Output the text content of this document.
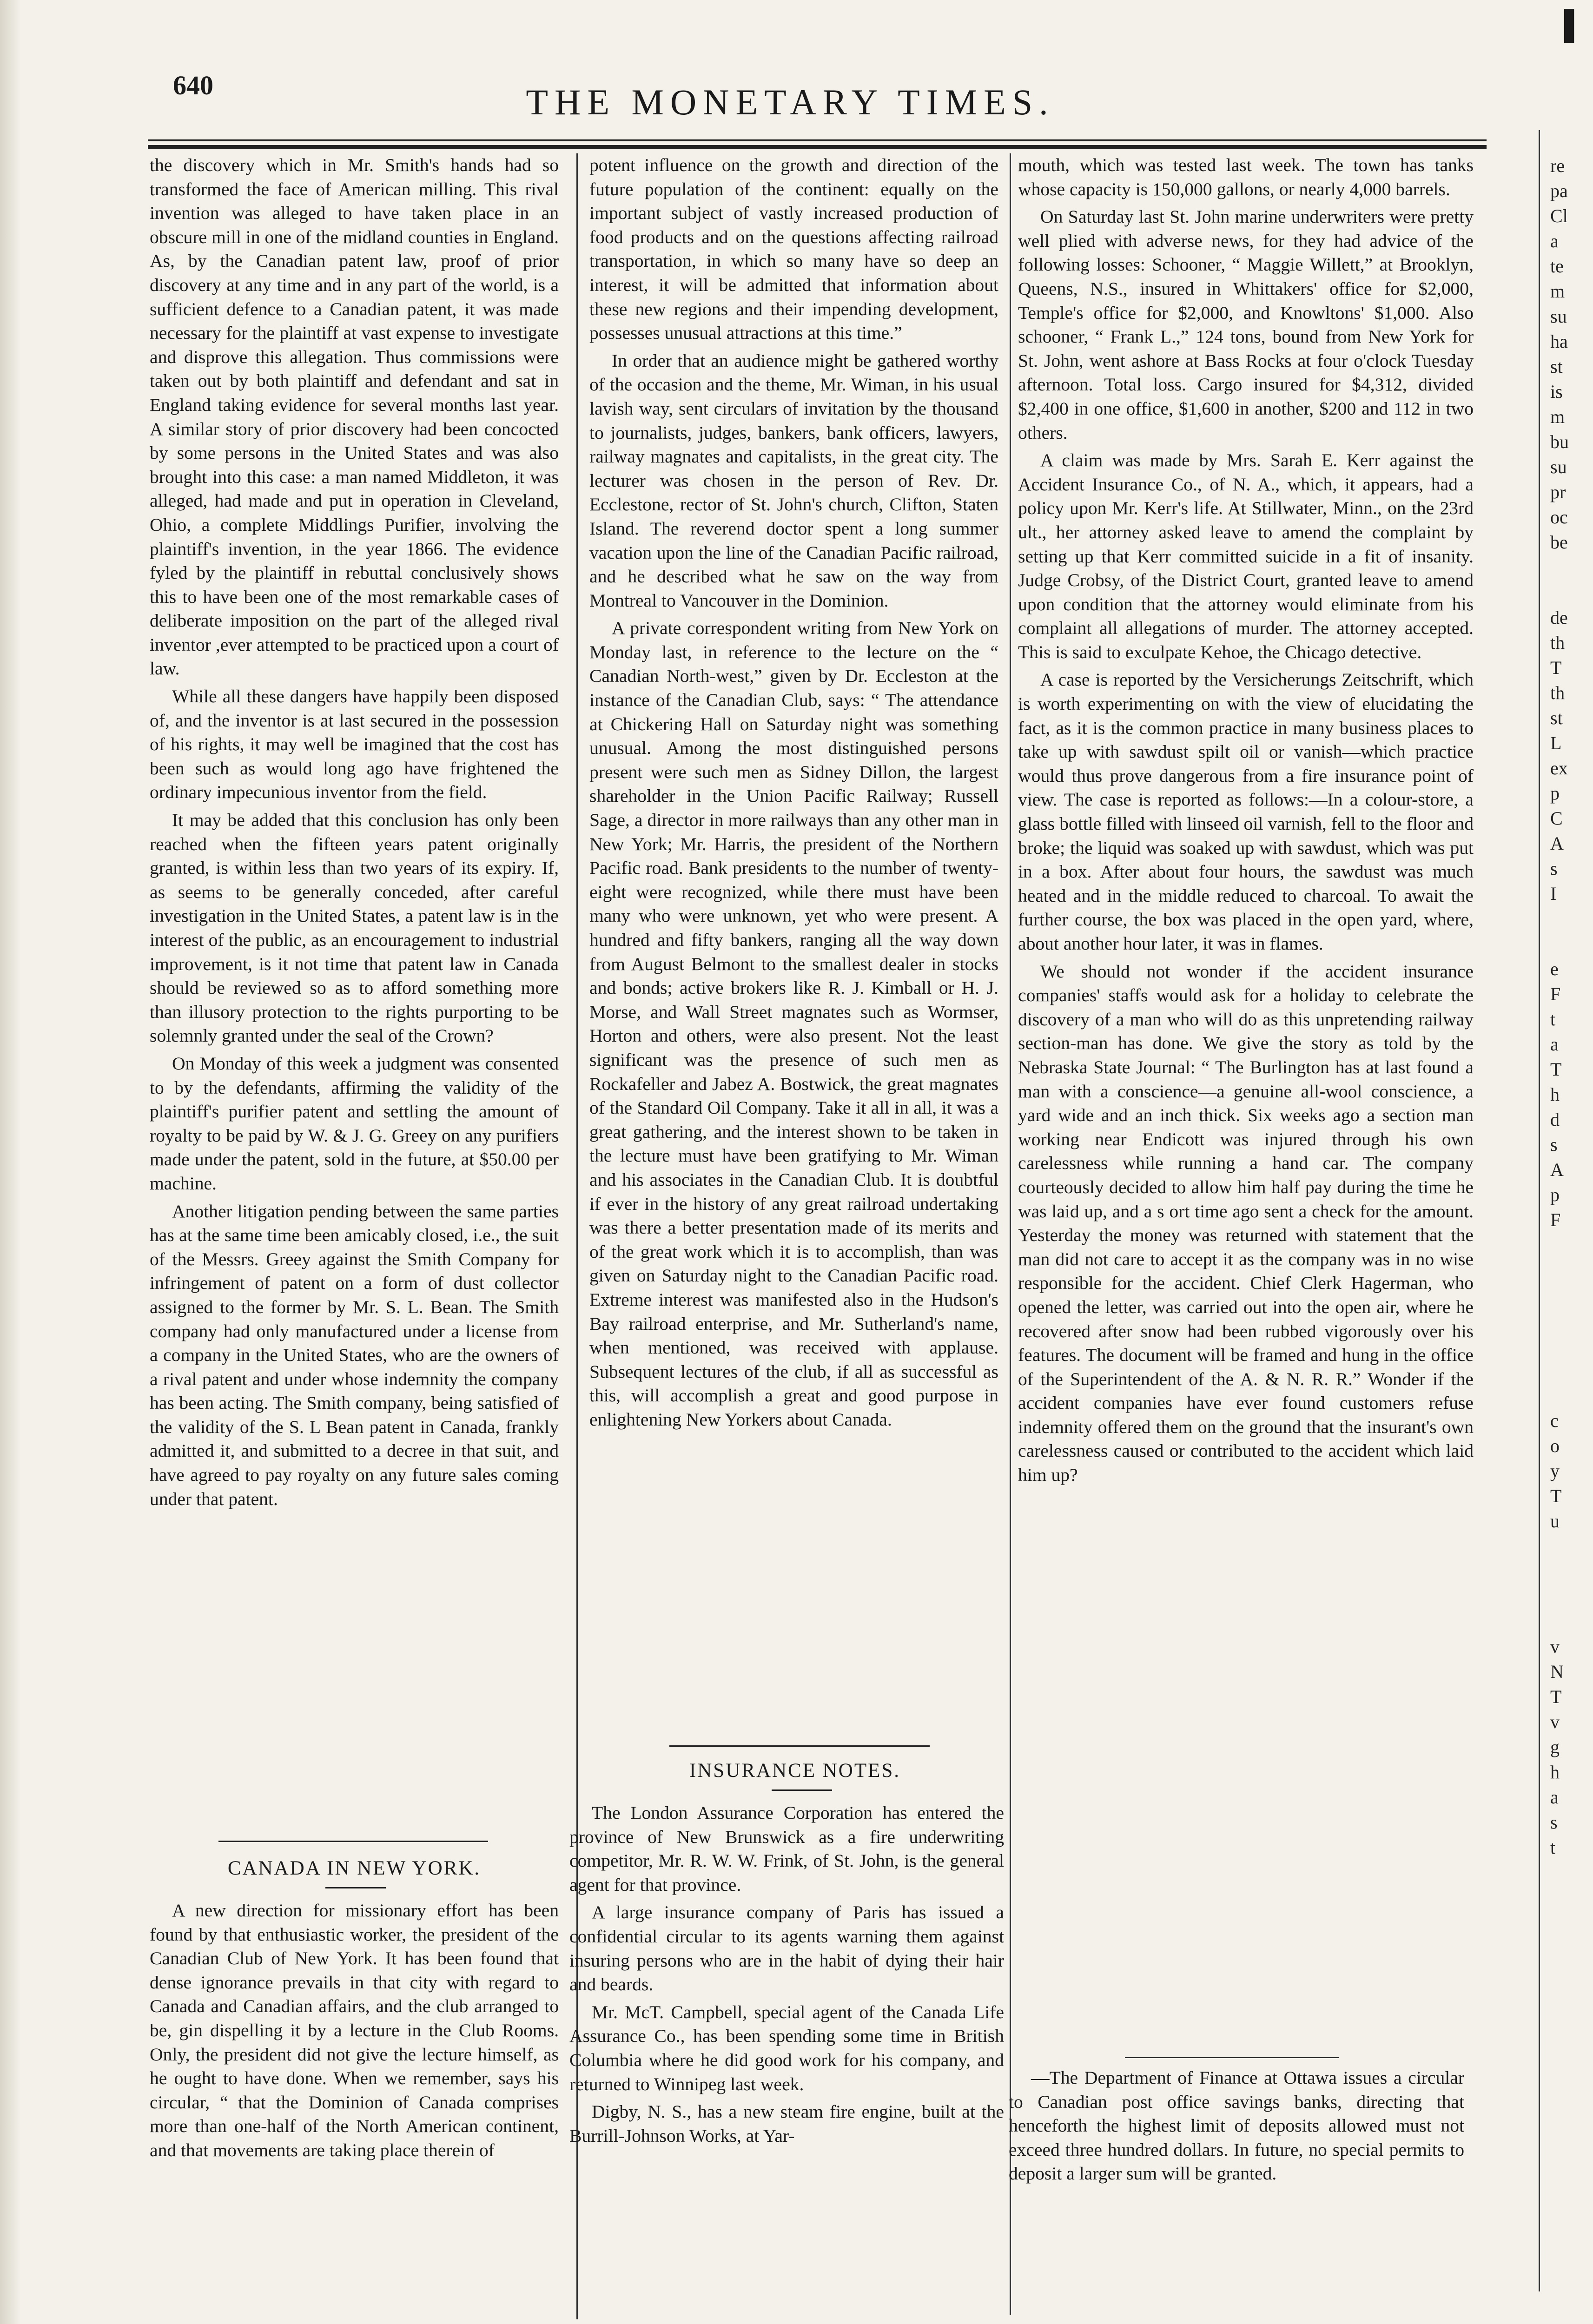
▌
640	THE MONETARY TIMES.

the discovery which in Mr. Smith's hands had so transformed the face of American milling. This rival invention was alleged to have taken place in an obscure mill in one of the midland counties in England. As, by the Canadian patent law, proof of prior discovery at any time and in any part of the world, is a sufficient defence to a Canadian patent, it was made necessary for the plaintiff at vast expense to investigate and disprove this allegation. Thus commissions were taken out by both plaintiff and defendant and sat in England taking evidence for several months last year. A similar story of prior discovery had been concocted by some persons in the United States and was also brought into this case: a man named Middleton, it was alleged, had made and put in operation in Cleveland, Ohio, a complete Middlings Purifier, involving the plaintiff's invention, in the year 1866. The evidence fyled by the plaintiff in rebuttal conclusively shows this to have been one of the most remarkable cases of deliberate imposition on the part of the alleged rival inventor ,ever attempted to be practiced upon a court of law.

While all these dangers have happily been disposed of, and the inventor is at last secured in the possession of his rights, it may well be imagined that the cost has been such as would long ago have frightened the ordinary impecunious inventor from the field.

It may be added that this conclusion has only been reached when the fifteen years patent originally granted, is within less than two years of its expiry. If, as seems to be generally conceded, after careful investigation in the United States, a patent law is in the interest of the public, as an encouragement to industrial improvement, is it not time that patent law in Canada should be reviewed so as to afford something more than illusory protection to the rights purporting to be solemnly granted under the seal of the Crown?

On Monday of this week a judgment was consented to by the defendants, affirming the validity of the plaintiff's purifier patent and settling the amount of royalty to be paid by W. & J. G. Greey on any purifiers made under the patent, sold in the future, at $50.00 per machine.

Another litigation pending between the same parties has at the same time been amicably closed, i.e., the suit of the Messrs. Greey against the Smith Company for infringement of patent on a form of dust collector assigned to the former by Mr. S. L. Bean. The Smith company had only manufactured under a license from a company in the United States, who are the owners of a rival patent and under whose indemnity the company has been acting. The Smith company, being satisfied of the validity of the S. L Bean patent in Canada, frankly admitted it, and submitted to a decree in that suit, and have agreed to pay royalty on any future sales coming under that patent.

CANADA IN NEW YORK.

A new direction for missionary effort has been found by that enthusiastic worker, the president of the Canadian Club of New York. It has been found that dense ignorance prevails in that city with regard to Canada and Canadian affairs, and the club arranged to be, gin dispelling it by a lecture in the Club Rooms. Only, the president did not give the lecture himself, as he ought to have done. When we remember, says his circular, “ that the Dominion of Canada comprises more than one-half of the North American continent, and that movements are taking place therein of

potent influence on the growth and direction of the future population of the continent: equally on the important subject of vastly increased production of food products and on the questions affecting railroad transportation, in which so many have so deep an interest, it will be admitted that information about these new regions and their impending development, possesses unusual attractions at this time.”

In order that an audience might be gathered worthy of the occasion and the theme, Mr. Wiman, in his usual lavish way, sent circulars of invitation by the thousand to journalists, judges, bankers, bank officers, lawyers, railway magnates and capitalists, in the great city. The lecturer was chosen in the person of Rev. Dr. Ecclestone, rector of St. John's church, Clifton, Staten Island. The reverend doctor spent a long summer vacation upon the line of the Canadian Pacific railroad, and he described what he saw on the way from Montreal to Vancouver in the Dominion.

A private correspondent writing from New York on Monday last, in reference to the lecture on the “ Canadian North-west,” given by Dr. Eccleston at the instance of the Canadian Club, says: “ The attendance at Chickering Hall on Saturday night was something unusual. Among the most distinguished persons present were such men as Sidney Dillon, the largest shareholder in the Union Pacific Railway; Russell Sage, a director in more railways than any other man in New York; Mr. Harris, the president of the Northern Pacific road. Bank presidents to the number of twenty-eight were recognized, while there must have been many who were unknown, yet who were present. A hundred and fifty bankers, ranging all the way down from August Belmont to the smallest dealer in stocks and bonds; active brokers like R. J. Kimball or H. J. Morse, and Wall Street magnates such as Wormser, Horton and others, were also present. Not the least significant was the presence of such men as Rockafeller and Jabez A. Bostwick, the great magnates of the Standard Oil Company. Take it all in all, it was a great gathering, and the interest shown to be taken in the lecture must have been gratifying to Mr. Wiman and his associates in the Canadian Club. It is doubtful if ever in the history of any great railroad undertaking was there a better presentation made of its merits and of the great work which it is to accomplish, than was given on Saturday night to the Canadian Pacific road. Extreme interest was manifested also in the Hudson's Bay railroad enterprise, and Mr. Sutherland's name, when mentioned, was received with applause. Subsequent lectures of the club, if all as successful as this, will accomplish a great and good purpose in enlightening New Yorkers about Canada.

INSURANCE NOTES.

The London Assurance Corporation has entered the province of New Brunswick as a fire underwriting competitor, Mr. R. W. W. Frink, of St. John, is the general agent for that province.

A large insurance company of Paris has issued a confidential circular to its agents warning them against insuring persons who are in the habit of dying their hair and beards.

Mr. McT. Campbell, special agent of the Canada Life Assurance Co., has been spending some time in British Columbia where he did good work for his company, and returned to Winnipeg last week.

Digby, N. S., has a new steam fire engine, built at the Burrill-Johnson Works, at Yar-

mouth, which was tested last week. The town has tanks whose capacity is 150,000 gallons, or nearly 4,000 barrels.

On Saturday last St. John marine underwriters were pretty well plied with adverse news, for they had advice of the following losses: Schooner, “ Maggie Willett,” at Brooklyn, Queens, N.S., insured in Whittakers' office for $2,000, Temple's office for $2,000, and Knowltons' $1,000. Also schooner, “ Frank L.,” 124 tons, bound from New York for St. John, went ashore at Bass Rocks at four o'clock Tuesday afternoon. Total loss. Cargo insured for $4,312, divided $2,400 in one office, $1,600 in another, $200 and 112 in two others.

A claim was made by Mrs. Sarah E. Kerr against the Accident Insurance Co., of N. A., which, it appears, had a policy upon Mr. Kerr's life. At Stillwater, Minn., on the 23rd ult., her attorney asked leave to amend the complaint by setting up that Kerr committed suicide in a fit of insanity. Judge Crobsy, of the District Court, granted leave to amend upon condition that the attorney would eliminate from his complaint all allegations of murder. The attorney accepted. This is said to exculpate Kehoe, the Chicago detective.

A case is reported by the Versicherungs Zeitschrift, which is worth experimenting on with the view of elucidating the fact, as it is the common practice in many business places to take up with sawdust spilt oil or vanish—which practice would thus prove dangerous from a fire insurance point of view. The case is reported as follows:—In a colour-store, a glass bottle filled with linseed oil varnish, fell to the floor and broke; the liquid was soaked up with sawdust, which was put in a box. After about four hours, the sawdust was much heated and in the middle reduced to charcoal. To await the further course, the box was placed in the open yard, where, about another hour later, it was in flames.

We should not wonder if the accident insurance companies' staffs would ask for a holiday to celebrate the discovery of a man who will do as this unpretending railway section-man has done. We give the story as told by the Nebraska State Journal: “ The Burlington has at last found a man with a conscience—a genuine all-wool conscience, a yard wide and an inch thick. Six weeks ago a section man working near Endicott was injured through his own carelessness while running a hand car. The company courteously decided to allow him half pay during the time he was laid up, and a s ort time ago sent a check for the amount. Yesterday the money was returned with statement that the man did not care to accept it as the company was in no wise responsible for the accident. Chief Clerk Hagerman, who opened the letter, was carried out into the open air, where he recovered after snow had been rubbed vigorously over his features. The document will be framed and hung in the office of the Superintendent of the A. & N. R. R.” Wonder if the accident companies have ever found customers refuse indemnity offered them on the ground that the insurant's own carelessness caused or contributed to the accident which laid him up?

—The Department of Finance at Ottawa issues a circular to Canadian post office savings banks, directing that henceforth the highest limit of deposits allowed must not exceed three hundred dollars. In future, no special permits to deposit a larger sum will be granted.

re
pa
Cl
a
te
m
su
ha
st
is
m
bu
su
pr
oc
be

de
th
T
th
st
L
ex
p
C
A
s
I

e
F
t
a
T
h
d
s
A
p
F

c
o
y
T
u

v
N
T
v
g
h
a
s
t
